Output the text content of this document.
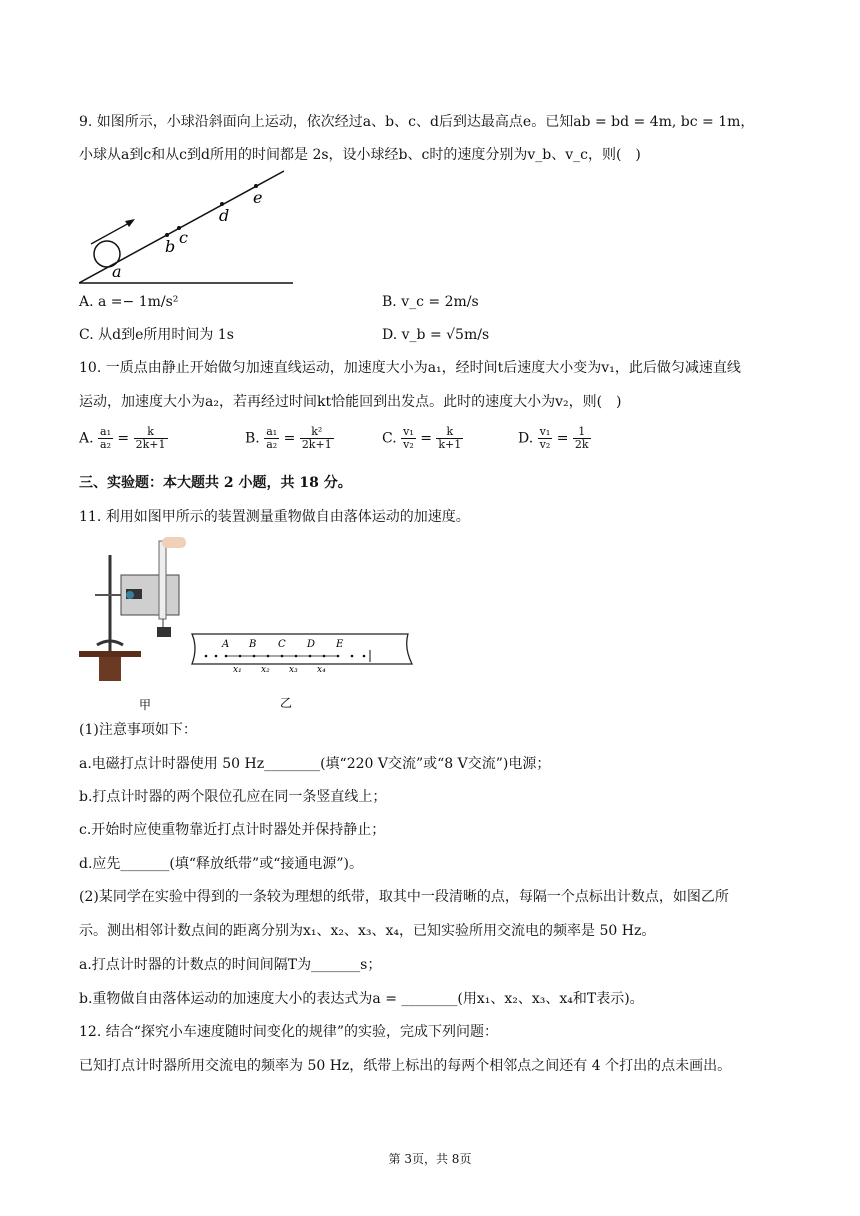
9. 如图所示，小球沿斜面向上运动，依次经过a、b、c、d后到达最高点e。已知ab = bd = 4m, bc = 1m，
小球从a到c和从c到d所用的时间都是 2s，设小球经b、c时的速度分别为v_b、v_c，则(　)
a
b c
d
e
A. a =− 1m/s²	B. v_c = 2m/s
C. 从d到e所用时间为 1s	D. v_b = √5m/s
10. 一质点由静止开始做匀加速直线运动，加速度大小为a₁，经时间t后速度大小变为v₁，此后做匀减速直线
运动，加速度大小为a₂，若再经过时间kt恰能回到出发点。此时的速度大小为v₂，则(　)
A. $\frac{\text{a₁}}{\text{a₂}} = \frac{k}{2k+1}$	B. $\frac{\text{a₁}}{\text{a₂}} = \frac{\text{k²}}{2k+1}$	C. $\frac{\text{v₁}}{\text{v₂}} = \frac{k}{k+1}$	D. $\frac{\text{v₁}}{\text{v₂}} = \frac{1}{2k}$
三、实验题：本大题共 2 小题，共 18 分。
11. 利用如图甲所示的装置测量重物做自由落体运动的加速度。
甲
A B C D E
x₁ x₂ x₃ x₄
乙
(1)注意事项如下：
a.电磁打点计时器使用 50 Hz________(填“220 V交流”或“8 V交流”)电源；
b.打点计时器的两个限位孔应在同一条竖直线上；
c.开始时应使重物靠近打点计时器处并保持静止；
d.应先_______(填“释放纸带”或“接通电源”)。
(2)某同学在实验中得到的一条较为理想的纸带，取其中一段清晰的点，每隔一个点标出计数点，如图乙所
示。测出相邻计数点间的距离分别为x₁、x₂、x₃、x₄，已知实验所用交流电的频率是 50 Hz。
a.打点计时器的计数点的时间间隔T为_______s；
b.重物做自由落体运动的加速度大小的表达式为a = ________(用x₁、x₂、x₃、x₄和T表示)。
12. 结合“探究小车速度随时间变化的规律”的实验，完成下列问题：
已知打点计时器所用交流电的频率为 50 Hz，纸带上标出的每两个相邻点之间还有 4 个打出的点未画出。
第 3页，共 8页
